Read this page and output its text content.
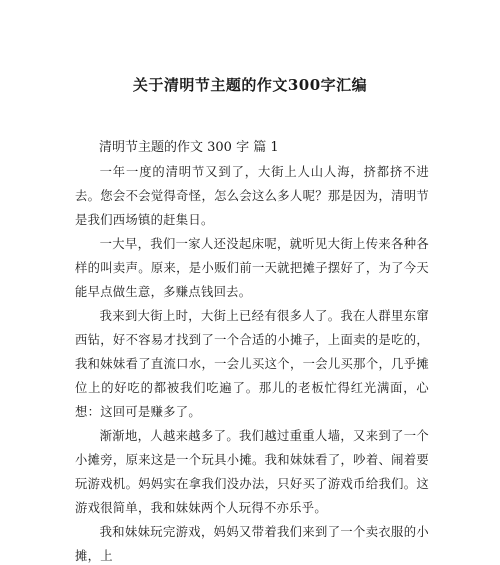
关于清明节主题的作文300字汇编
清明节主题的作文 300 字 篇 1

一年一度的清明节又到了，大街上人山人海，挤都挤不进去。您会不会觉得奇怪，怎么会这么多人呢？那是因为，清明节是我们西场镇的赶集日。

一大早，我们一家人还没起床呢，就听见大街上传来各种各样的叫卖声。原来，是小贩们前一天就把摊子摆好了，为了今天能早点做生意，多赚点钱回去。

我来到大街上时，大街上已经有很多人了。我在人群里东窜西钻，好不容易才找到了一个合适的小摊子，上面卖的是吃的，我和妹妹看了直流口水，一会儿买这个，一会儿买那个，几乎摊位上的好吃的都被我们吃遍了。那儿的老板忙得红光满面，心想：这回可是赚多了。

渐渐地，人越来越多了。我们越过重重人墙，又来到了一个小摊旁，原来这是一个玩具小摊。我和妹妹看了，吵着、闹着要玩游戏机。妈妈实在拿我们没办法，只好买了游戏币给我们。这游戏很简单，我和妹妹两个人玩得不亦乐乎。

我和妹妹玩完游戏，妈妈又带着我们来到了一个卖衣服的小摊，上
